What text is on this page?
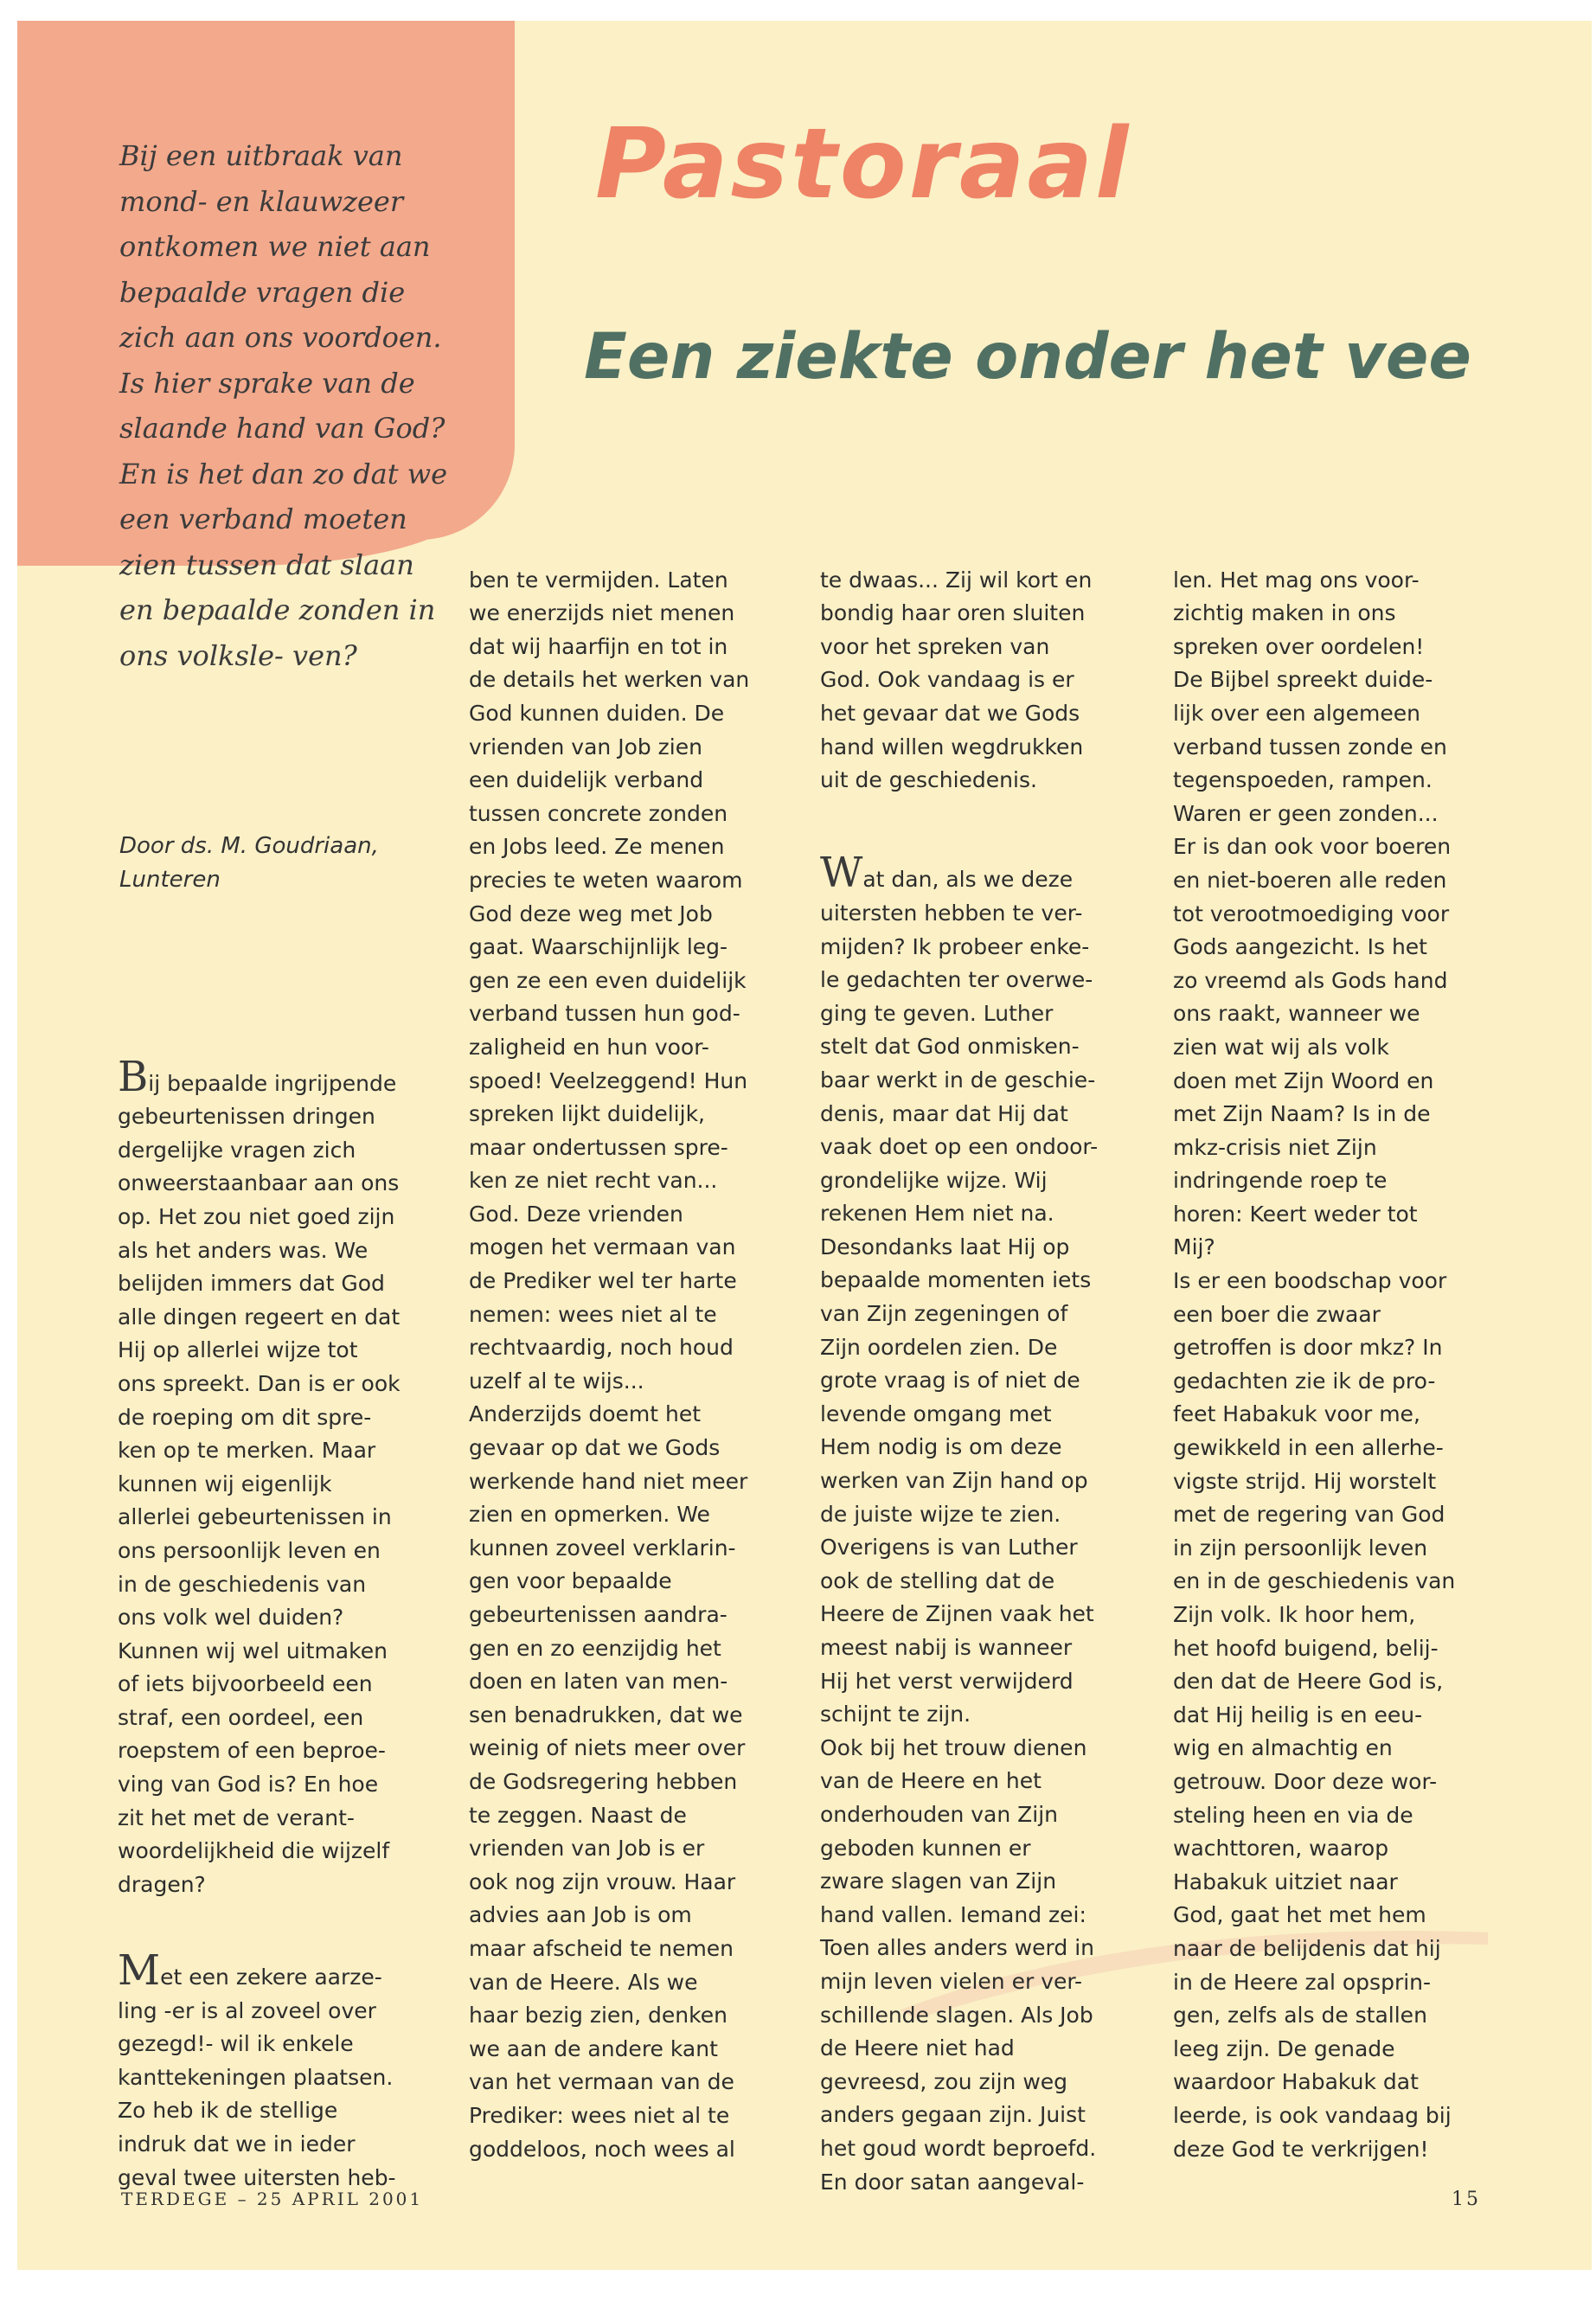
Bij een uitbraak van mond- en klauwzeer ontkomen we niet aan bepaalde vragen die zich aan ons voordoen. Is hier sprake van de slaande hand van God? En is het dan zo dat we een verband moeten zien tussen dat slaan en bepaalde zonden in ons volksle- ven?

Door ds. M. Goudriaan,
Lunteren

Pastoraal
Een ziekte onder het vee

Bij bepaalde ingrijpende
gebeurtenissen dringen
dergelijke vragen zich
onweerstaanbaar aan ons
op. Het zou niet goed zijn
als het anders was. We
belijden immers dat God
alle dingen regeert en dat
Hij op allerlei wijze tot
ons spreekt. Dan is er ook
de roeping om dit spre-
ken op te merken. Maar
kunnen wij eigenlijk
allerlei gebeurtenissen in
ons persoonlijk leven en
in de geschiedenis van
ons volk wel duiden?
Kunnen wij wel uitmaken
of iets bijvoorbeeld een
straf, een oordeel, een
roepstem of een beproe-
ving van God is? En hoe
zit het met de verant-
woordelijkheid die wijzelf
dragen?

Met een zekere aarze-
ling -er is al zoveel over
gezegd!- wil ik enkele
kanttekeningen plaatsen.
Zo heb ik de stellige
indruk dat we in ieder
geval twee uitersten heb-

ben te vermijden. Laten
we enerzijds niet menen
dat wij haarfijn en tot in
de details het werken van
God kunnen duiden. De
vrienden van Job zien
een duidelijk verband
tussen concrete zonden
en Jobs leed. Ze menen
precies te weten waarom
God deze weg met Job
gaat. Waarschijnlijk leg-
gen ze een even duidelijk
verband tussen hun god-
zaligheid en hun voor-
spoed! Veelzeggend! Hun
spreken lijkt duidelijk,
maar ondertussen spre-
ken ze niet recht van...
God. Deze vrienden
mogen het vermaan van
de Prediker wel ter harte
nemen: wees niet al te
rechtvaardig, noch houd
uzelf al te wijs...
Anderzijds doemt het
gevaar op dat we Gods
werkende hand niet meer
zien en opmerken. We
kunnen zoveel verklarin-
gen voor bepaalde
gebeurtenissen aandra-
gen en zo eenzijdig het
doen en laten van men-
sen benadrukken, dat we
weinig of niets meer over
de Godsregering hebben
te zeggen. Naast de
vrienden van Job is er
ook nog zijn vrouw. Haar
advies aan Job is om
maar afscheid te nemen
van de Heere. Als we
haar bezig zien, denken
we aan de andere kant
van het vermaan van de
Prediker: wees niet al te
goddeloos, noch wees al

te dwaas... Zij wil kort en
bondig haar oren sluiten
voor het spreken van
God. Ook vandaag is er
het gevaar dat we Gods
hand willen wegdrukken
uit de geschiedenis.

Wat dan, als we deze
uitersten hebben te ver-
mijden? Ik probeer enke-
le gedachten ter overwe-
ging te geven. Luther
stelt dat God onmisken-
baar werkt in de geschie-
denis, maar dat Hij dat
vaak doet op een ondoor-
grondelijke wijze. Wij
rekenen Hem niet na.
Desondanks laat Hij op
bepaalde momenten iets
van Zijn zegeningen of
Zijn oordelen zien. De
grote vraag is of niet de
levende omgang met
Hem nodig is om deze
werken van Zijn hand op
de juiste wijze te zien.
Overigens is van Luther
ook de stelling dat de
Heere de Zijnen vaak het
meest nabij is wanneer
Hij het verst verwijderd
schijnt te zijn.
Ook bij het trouw dienen
van de Heere en het
onderhouden van Zijn
geboden kunnen er
zware slagen van Zijn
hand vallen. Iemand zei:
Toen alles anders werd in
mijn leven vielen er ver-
schillende slagen. Als Job
de Heere niet had
gevreesd, zou zijn weg
anders gegaan zijn. Juist
het goud wordt beproefd.
En door satan aangeval-

len. Het mag ons voor-
zichtig maken in ons
spreken over oordelen!
De Bijbel spreekt duide-
lijk over een algemeen
verband tussen zonde en
tegenspoeden, rampen.
Waren er geen zonden...
Er is dan ook voor boeren
en niet-boeren alle reden
tot verootmoediging voor
Gods aangezicht. Is het
zo vreemd als Gods hand
ons raakt, wanneer we
zien wat wij als volk
doen met Zijn Woord en
met Zijn Naam? Is in de
mkz-crisis niet Zijn
indringende roep te
horen: Keert weder tot
Mij?
Is er een boodschap voor
een boer die zwaar
getroffen is door mkz? In
gedachten zie ik de pro-
feet Habakuk voor me,
gewikkeld in een allerhe-
vigste strijd. Hij worstelt
met de regering van God
in zijn persoonlijk leven
en in de geschiedenis van
Zijn volk. Ik hoor hem,
het hoofd buigend, belij-
den dat de Heere God is,
dat Hij heilig is en eeu-
wig en almachtig en
getrouw. Door deze wor-
steling heen en via de
wachttoren, waarop
Habakuk uitziet naar
God, gaat het met hem
naar de belijdenis dat hij
in de Heere zal opsprin-
gen, zelfs als de stallen
leeg zijn. De genade
waardoor Habakuk dat
leerde, is ook vandaag bij
deze God te verkrijgen!

TERDEGE – 25 APRIL 2001	15
